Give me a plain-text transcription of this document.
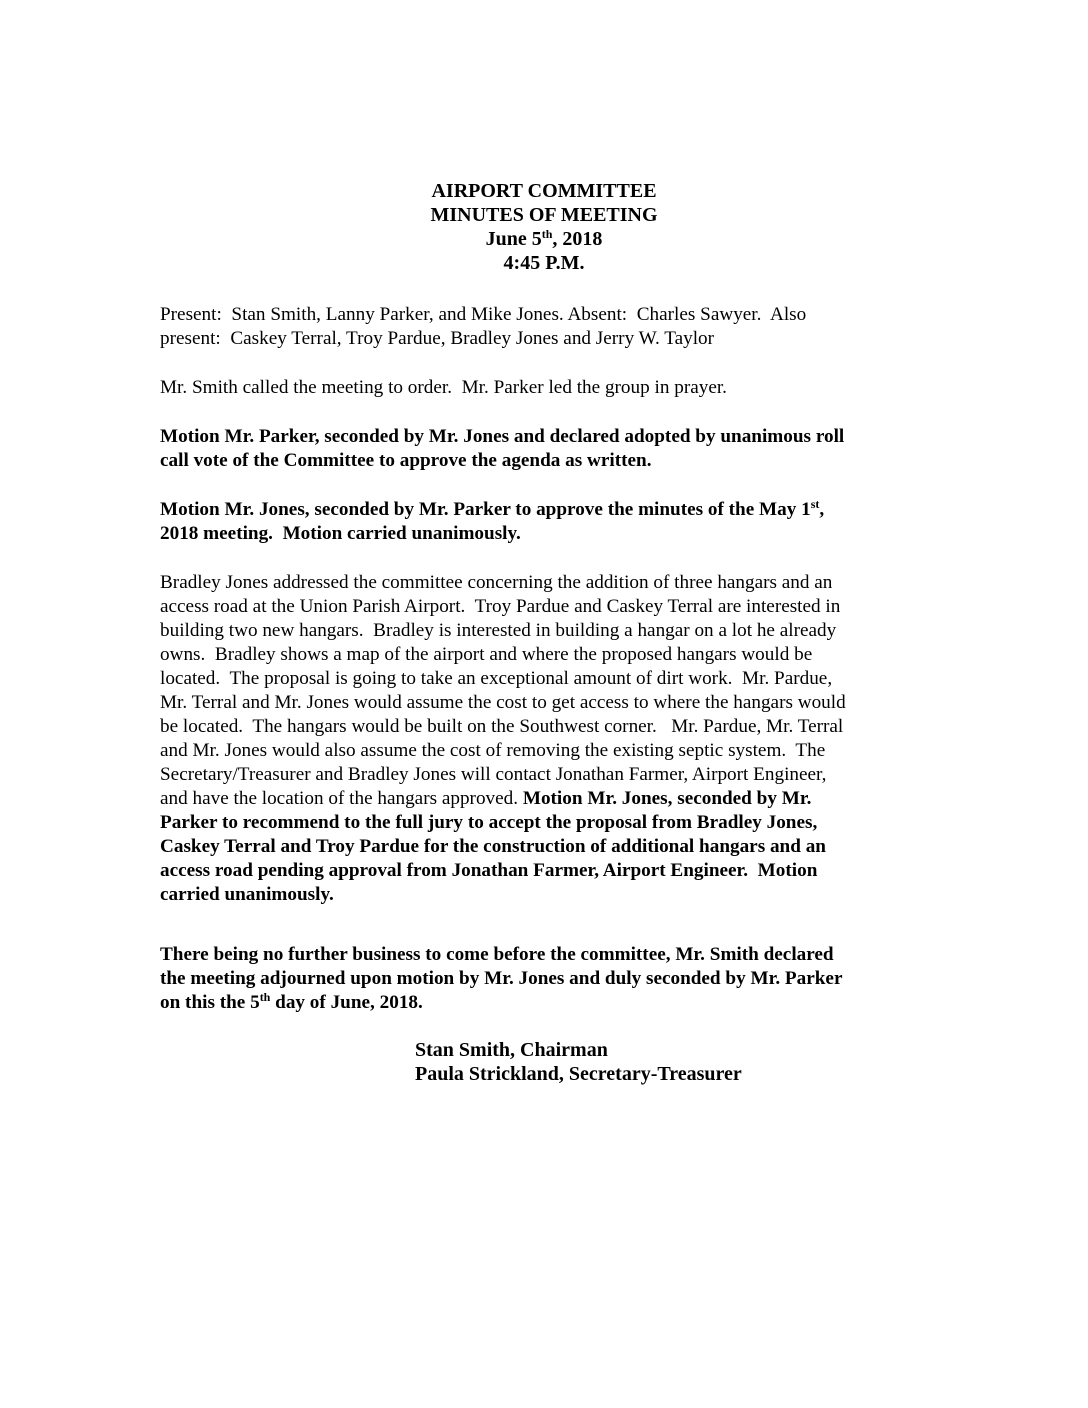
AIRPORT COMMITTEE
MINUTES OF MEETING
June 5th, 2018
4:45 P.M.
Present:  Stan Smith, Lanny Parker, and Mike Jones. Absent:  Charles Sawyer.  Also
present:  Caskey Terral, Troy Pardue, Bradley Jones and Jerry W. Taylor
Mr. Smith called the meeting to order.  Mr. Parker led the group in prayer.
Motion Mr. Parker, seconded by Mr. Jones and declared adopted by unanimous roll
call vote of the Committee to approve the agenda as written.
Motion Mr. Jones, seconded by Mr. Parker to approve the minutes of the May 1st,
2018 meeting.  Motion carried unanimously.
Bradley Jones addressed the committee concerning the addition of three hangars and an
access road at the Union Parish Airport.  Troy Pardue and Caskey Terral are interested in
building two new hangars.  Bradley is interested in building a hangar on a lot he already
owns.  Bradley shows a map of the airport and where the proposed hangars would be
located.  The proposal is going to take an exceptional amount of dirt work.  Mr. Pardue,
Mr. Terral and Mr. Jones would assume the cost to get access to where the hangars would
be located.  The hangars would be built on the Southwest corner.   Mr. Pardue, Mr. Terral
and Mr. Jones would also assume the cost of removing the existing septic system.  The
Secretary/Treasurer and Bradley Jones will contact Jonathan Farmer, Airport Engineer,
and have the location of the hangars approved. Motion Mr. Jones, seconded by Mr.
Parker to recommend to the full jury to accept the proposal from Bradley Jones,
Caskey Terral and Troy Pardue for the construction of additional hangars and an
access road pending approval from Jonathan Farmer, Airport Engineer.  Motion
carried unanimously.
There being no further business to come before the committee, Mr. Smith declared
the meeting adjourned upon motion by Mr. Jones and duly seconded by Mr. Parker
on this the 5th day of June, 2018.
Stan Smith, Chairman
Paula Strickland, Secretary-Treasurer
